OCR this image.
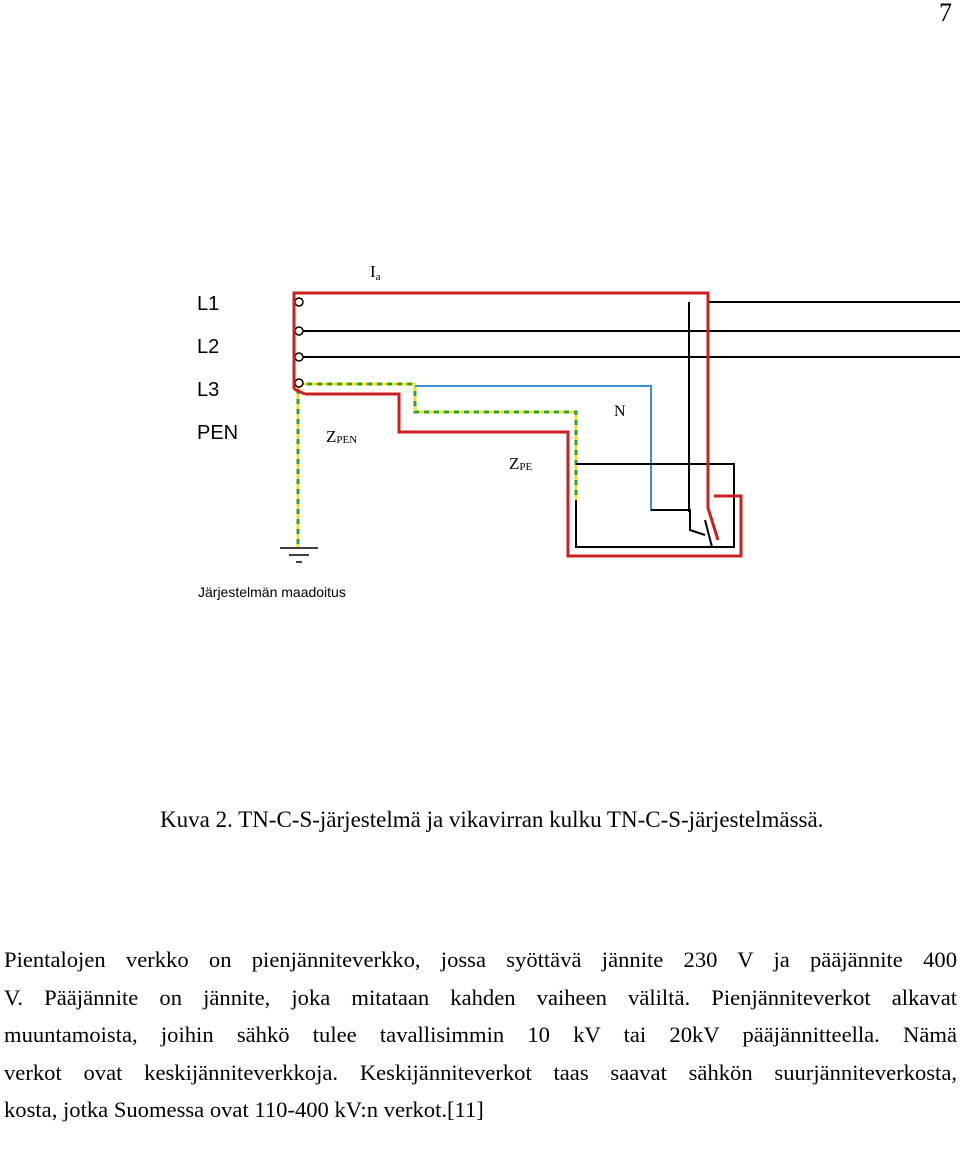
7
Ia
L1
L2
L3
PEN	ZPEN
ZPE
N
Järjestelmän maadoitus
Kuva 2. TN-C-S-järjestelmä ja vikavirran kulku TN-C-S-järjestelmässä.
Pientalojen verkko on pienjänniteverkko, jossa syöttävä jännite 230 V ja pääjännite 400
V. Pääjännite on jännite, joka mitataan kahden vaiheen väliltä. Pienjänniteverkot alkavat
muuntamoista, joihin sähkö tulee tavallisimmin 10 kV tai 20kV pääjännitteella. Nämä
verkot ovat keskijänniteverkkoja. Keskijänniteverkot taas saavat sähkön suurjänniteverkosta,
kosta, jotka Suomessa ovat 110-400 kV:n verkot.[11]
